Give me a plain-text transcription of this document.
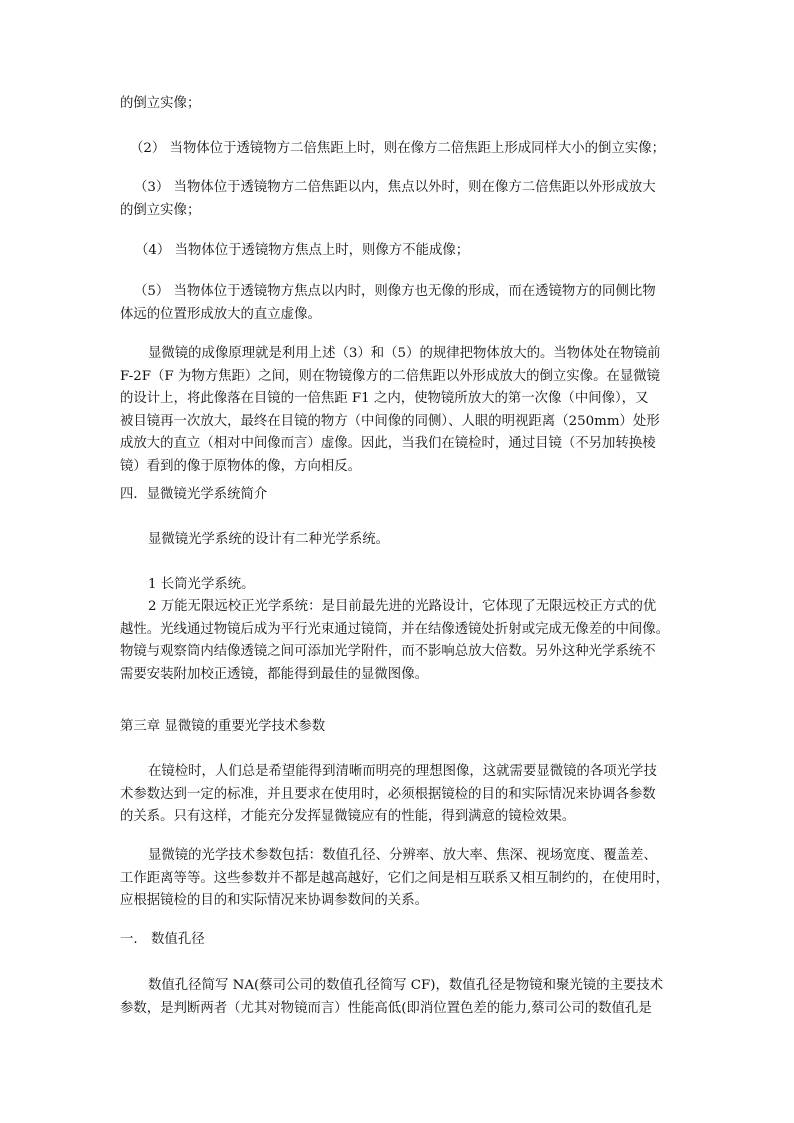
的倒立实像；

（2） 当物体位于透镜物方二倍焦距上时，则在像方二倍焦距上形成同样大小的倒立实像；

（3） 当物体位于透镜物方二倍焦距以内，焦点以外时，则在像方二倍焦距以外形成放大
的倒立实像；

（4） 当物体位于透镜物方焦点上时，则像方不能成像；

（5） 当物体位于透镜物方焦点以内时，则像方也无像的形成，而在透镜物方的同侧比物
体远的位置形成放大的直立虚像。

显微镜的成像原理就是利用上述（3）和（5）的规律把物体放大的。当物体处在物镜前
F-2F（F 为物方焦距）之间，则在物镜像方的二倍焦距以外形成放大的倒立实像。在显微镜
的设计上，将此像落在目镜的一倍焦距 F1 之内，使物镜所放大的第一次像（中间像），又
被目镜再一次放大，最终在目镜的物方（中间像的同侧）、人眼的明视距离（250mm）处形
成放大的直立（相对中间像而言）虚像。因此，当我们在镜检时，通过目镜（不另加转换棱
镜）看到的像于原物体的像，方向相反。

四．显微镜光学系统简介

显微镜光学系统的设计有二种光学系统。

1 长筒光学系统。

2 万能无限远校正光学系统：是目前最先进的光路设计，它体现了无限远校正方式的优
越性。光线通过物镜后成为平行光束通过镜筒，并在结像透镜处折射或完成无像差的中间像。
物镜与观察筒内结像透镜之间可添加光学附件，而不影响总放大倍数。另外这种光学系统不
需要安装附加校正透镜，都能得到最佳的显微图像。

第三章 显微镜的重要光学技术参数

在镜检时，人们总是希望能得到清晰而明亮的理想图像，这就需要显微镜的各项光学技
术参数达到一定的标准，并且要求在使用时，必须根据镜检的目的和实际情况来协调各参数
的关系。只有这样，才能充分发挥显微镜应有的性能，得到满意的镜检效果。

显微镜的光学技术参数包括：数值孔径、分辨率、放大率、焦深、视场宽度、覆盖差、
工作距离等等。这些参数并不都是越高越好，它们之间是相互联系又相互制约的，在使用时，
应根据镜检的目的和实际情况来协调参数间的关系。

一． 数值孔径

数值孔径简写 NA(蔡司公司的数值孔径简写 CF)，数值孔径是物镜和聚光镜的主要技术
参数，是判断两者（尤其对物镜而言）性能高低(即消位置色差的能力,蔡司公司的数值孔是
